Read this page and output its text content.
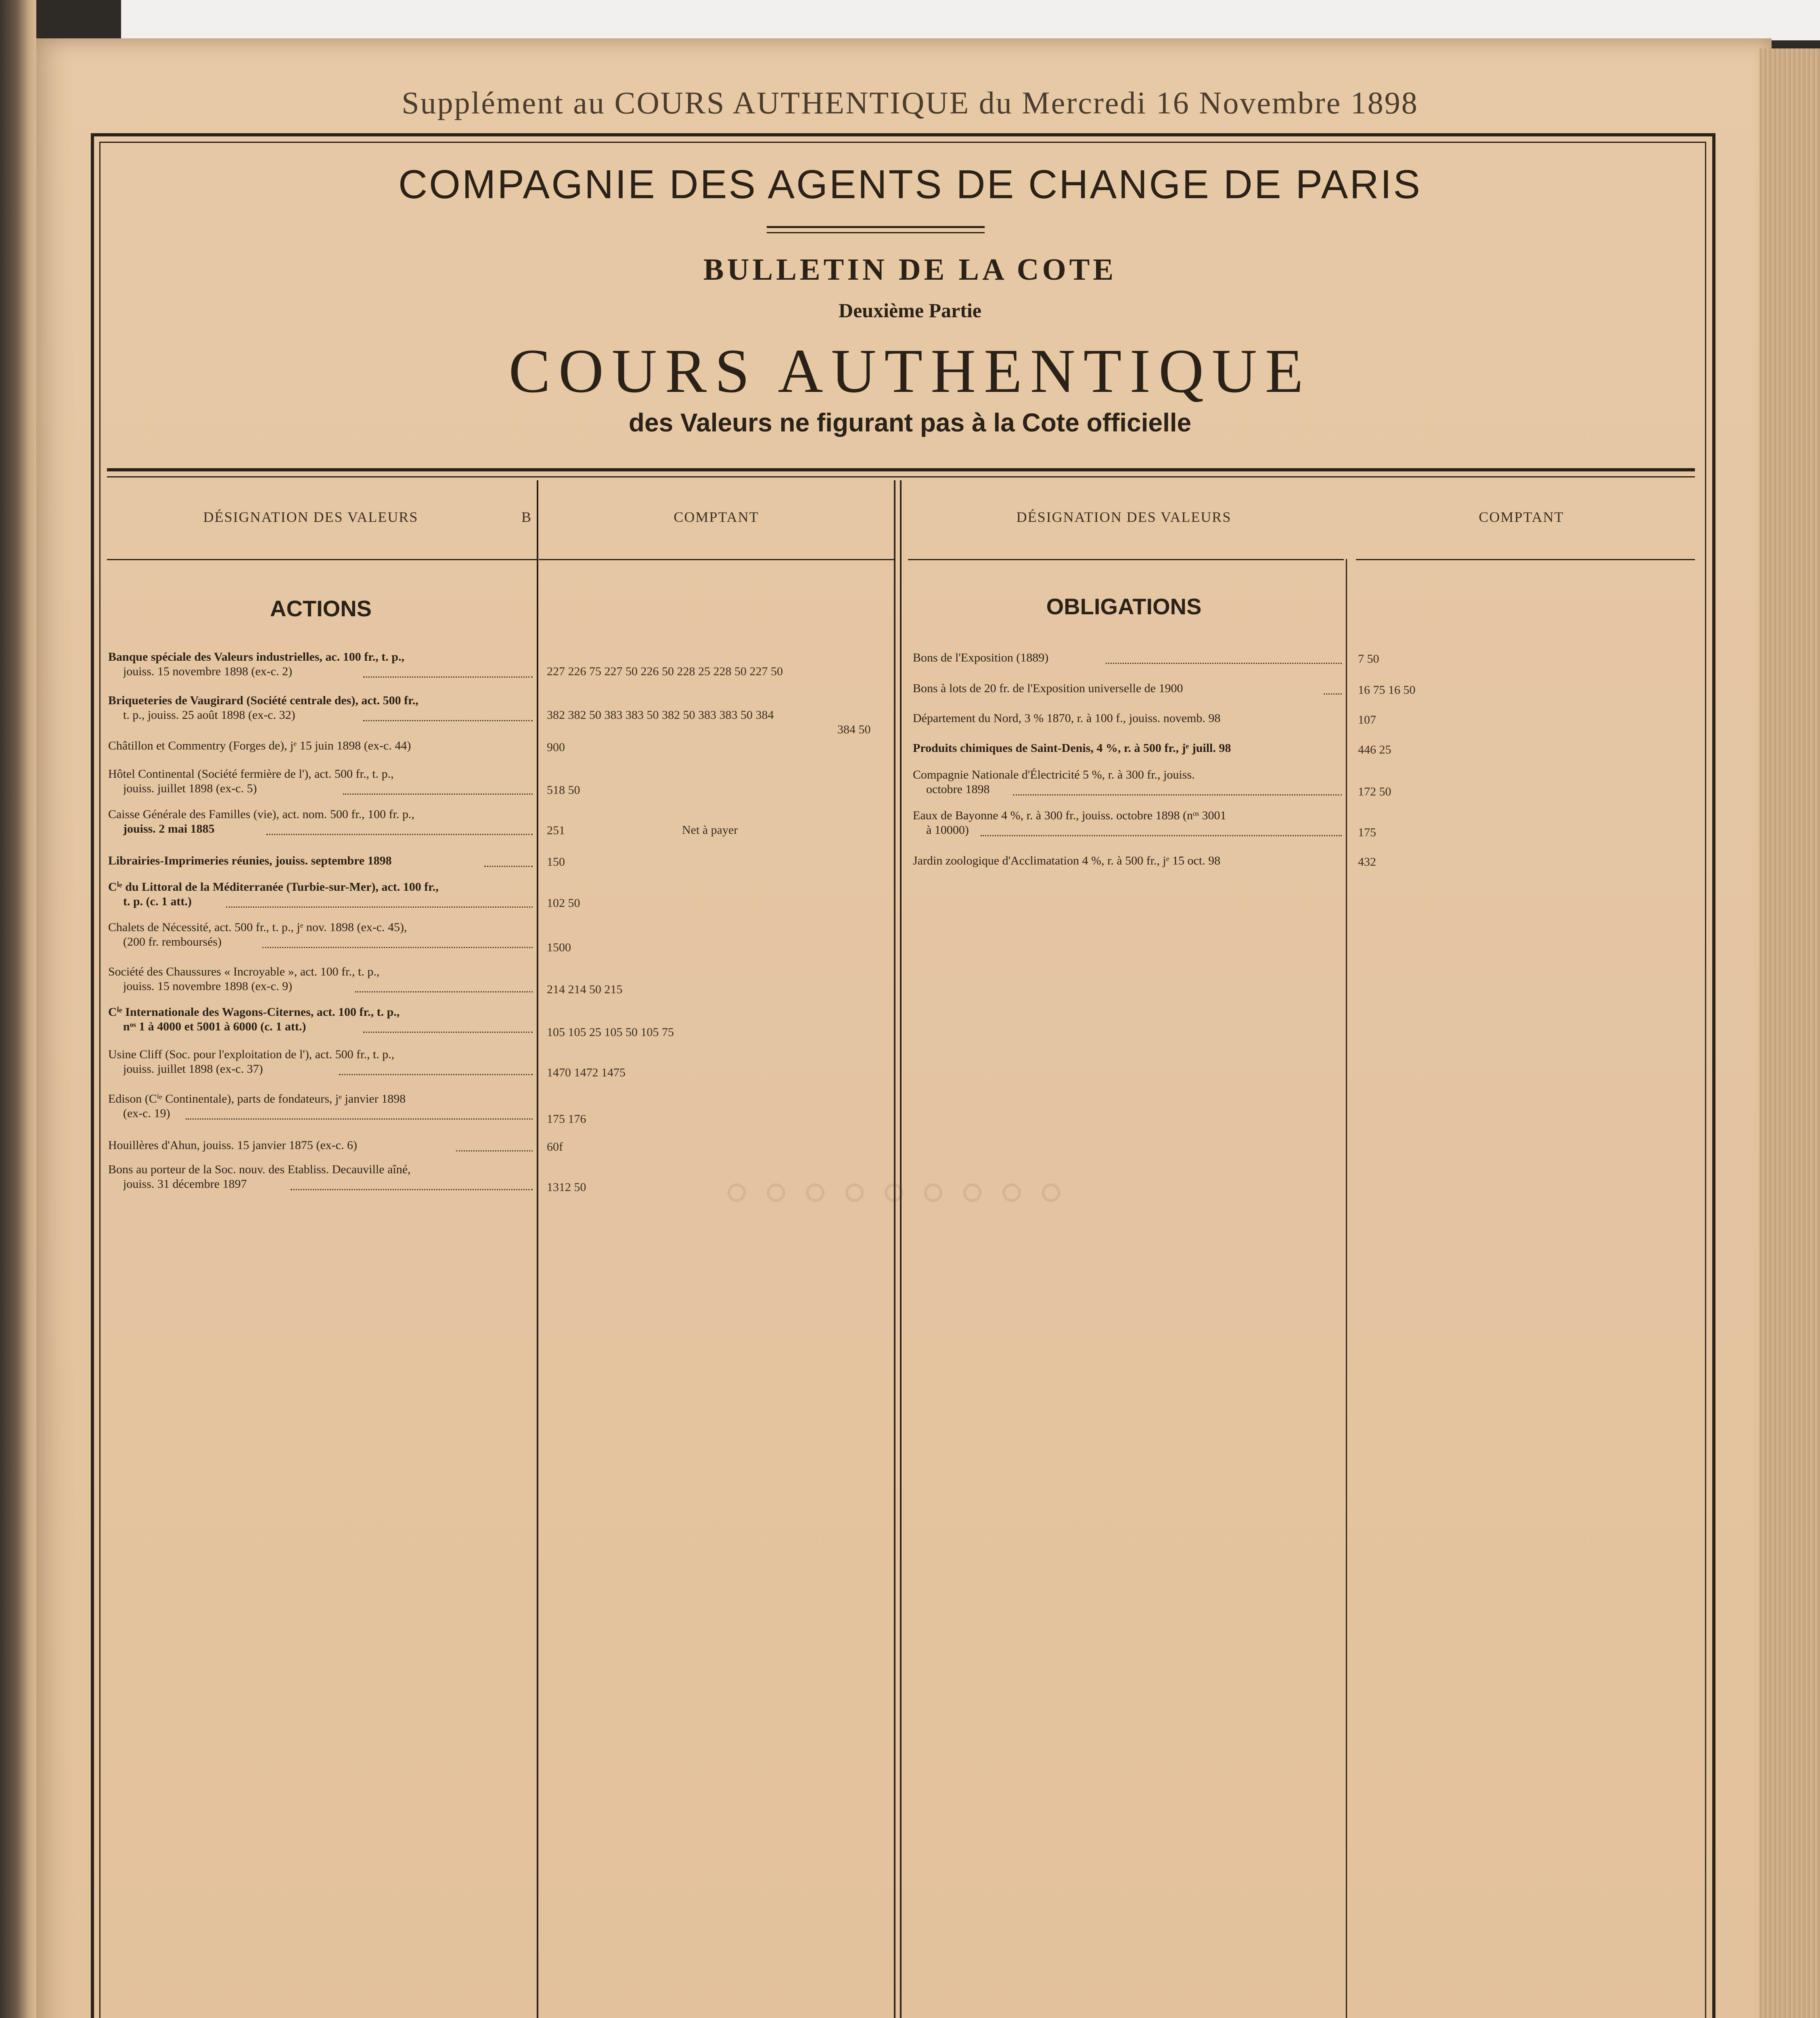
◦◦◦◦◦◦◦◦◦
Supplément au COURS AUTHENTIQUE du Mercredi 16 Novembre 1898
COMPAGNIE DES AGENTS DE CHANGE DE PARIS
BULLETIN DE LA COTE
Deuxième Partie
COURS AUTHENTIQUE
des Valeurs ne figurant pas à la Cote officielle
DÉSIGNATION DES VALEURS	B	COMPTANT	DÉSIGNATION DES VALEURS	COMPTANT
ACTIONS	OBLIGATIONS
Banque spéciale des Valeurs industrielles, ac. 100 fr., t. p.,
jouiss. 15 novembre 1898 (ex-c. 2)	227 226 75 227 50 226 50 228 25 228 50 227 50
Briqueteries de Vaugirard (Société centrale des), act. 500 fr.,
t. p., jouiss. 25 août 1898 (ex-c. 32)	382 382 50 383 383 50 382 50 383 383 50 384
384 50
Châtillon et Commentry (Forges de), jᵉ 15 juin 1898 (ex-c. 44)	900
Hôtel Continental (Société fermière de l'), act. 500 fr., t. p.,
jouiss. juillet 1898 (ex-c. 5)	518 50
Caisse Générale des Familles (vie), act. nom. 500 fr., 100 fr. p.,
jouiss. 2 mai 1885	251	Net à payer
Librairies-Imprimeries réunies, jouiss. septembre 1898	150
Cⁱᵉ du Littoral de la Méditerranée (Turbie-sur-Mer), act. 100 fr.,
t. p. (c. 1 att.)	102 50
Chalets de Nécessité, act. 500 fr., t. p., jᵉ nov. 1898 (ex-c. 45),
(200 fr. remboursés)	1500
Société des Chaussures « Incroyable », act. 100 fr., t. p.,
jouiss. 15 novembre 1898 (ex-c. 9)	214 214 50 215
Cⁱᵉ Internationale des Wagons-Citernes, act. 100 fr., t. p.,
nᵒˢ 1 à 4000 et 5001 à 6000 (c. 1 att.)	105 105 25 105 50 105 75
Usine Cliff (Soc. pour l'exploitation de l'), act. 500 fr., t. p.,
jouiss. juillet 1898 (ex-c. 37)	1470 1472 1475
Edison (Cⁱᵉ Continentale), parts de fondateurs, jᵉ janvier 1898
(ex-c. 19)	175 176
Houillères d'Ahun, jouiss. 15 janvier 1875 (ex-c. 6)	60f
Bons au porteur de la Soc. nouv. des Etabliss. Decauville aîné,
jouiss. 31 décembre 1897	1312 50
Bons de l'Exposition (1889)	7 50
Bons à lots de 20 fr. de l'Exposition universelle de 1900	16 75 16 50
Département du Nord, 3 % 1870, r. à 100 f., jouiss. novemb. 98	107
Produits chimiques de Saint-Denis, 4 %, r. à 500 fr., jᵉ juill. 98	446 25
Compagnie Nationale d'Électricité 5 %, r. à 300 fr., jouiss.
octobre 1898	172 50
Eaux de Bayonne 4 %, r. à 300 fr., jouiss. octobre 1898 (nᵒˢ 3001
à 10000)	175
Jardin zoologique d'Acclimatation 4 %, r. à 500 fr., jᵉ 15 oct. 98	432
